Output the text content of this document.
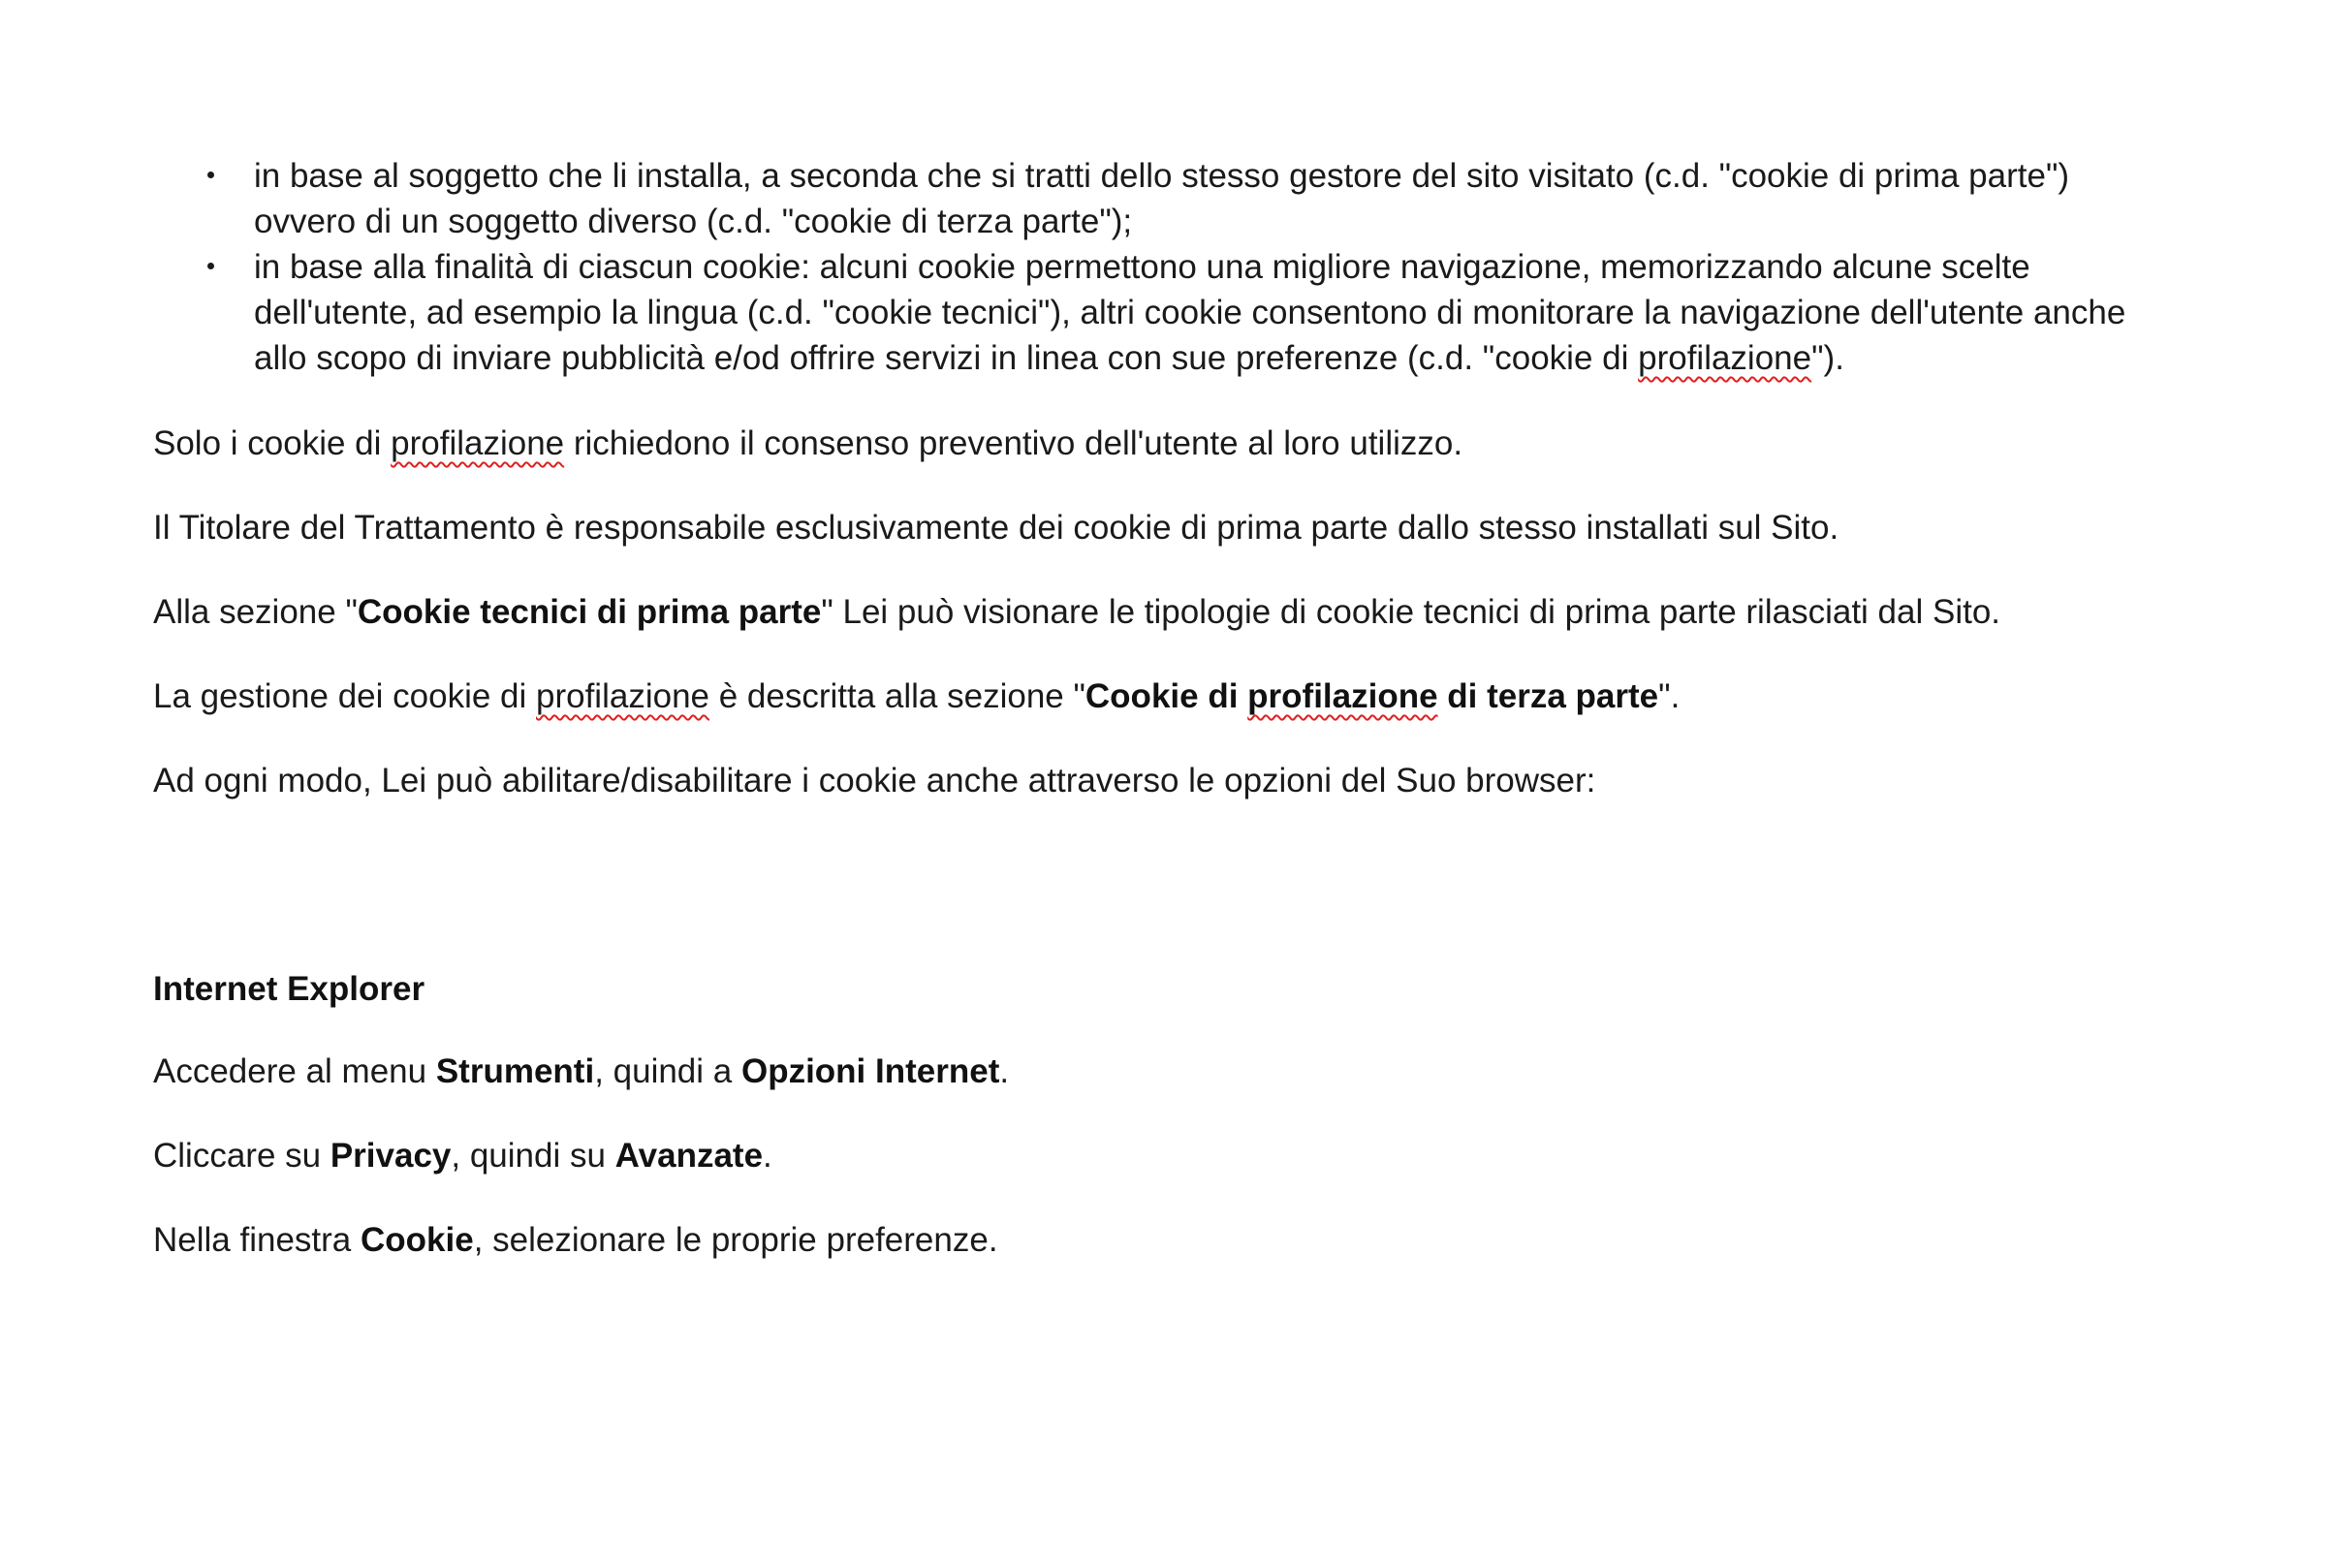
in base al soggetto che li installa, a seconda che si tratti dello stesso gestore del sito visitato (c.d. "cookie di prima parte") ovvero di un soggetto diverso (c.d. "cookie di terza parte");
in base alla finalità di ciascun cookie: alcuni cookie permettono una migliore navigazione, memorizzando alcune scelte dell'utente, ad esempio la lingua (c.d. "cookie tecnici"), altri cookie consentono di monitorare la navigazione dell'utente anche allo scopo di inviare pubblicità e/od offrire servizi in linea con sue preferenze (c.d. "cookie di profilazione").

Solo i cookie di profilazione richiedono il consenso preventivo dell'utente al loro utilizzo.

Il Titolare del Trattamento è responsabile esclusivamente dei cookie di prima parte dallo stesso installati sul Sito.

Alla sezione "Cookie tecnici di prima parte" Lei può visionare le tipologie di cookie tecnici di prima parte rilasciati dal Sito.

La gestione dei cookie di profilazione è descritta alla sezione "Cookie di profilazione di terza parte".

Ad ogni modo, Lei può abilitare/disabilitare i cookie anche attraverso le opzioni del Suo browser:

Internet Explorer

Accedere al menu Strumenti, quindi a Opzioni Internet.

Cliccare su Privacy, quindi su Avanzate.

Nella finestra Cookie, selezionare le proprie preferenze.
